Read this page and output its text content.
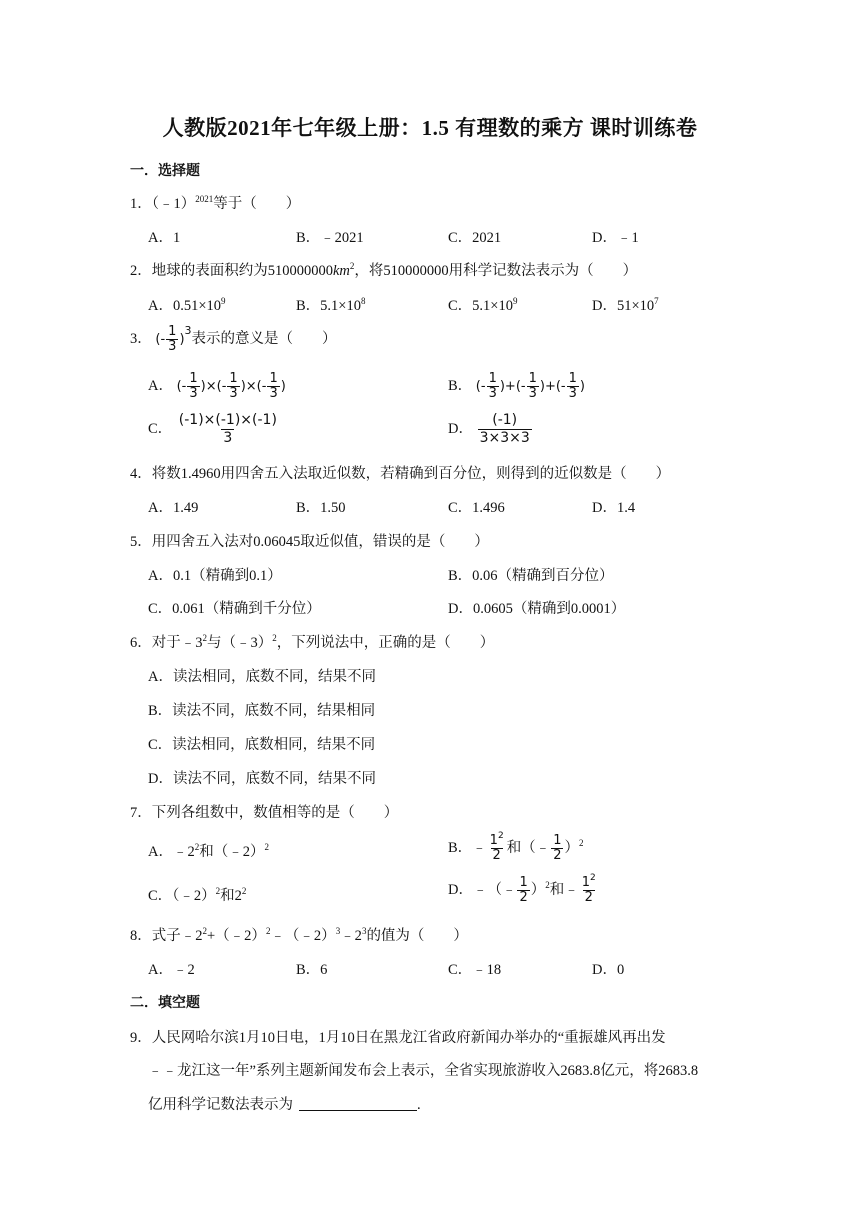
人教版2021年七年级上册：1.5 有理数的乘方 课时训练卷
一．选择题
1．（﹣1）$^{2021}$等于（　　）
A．1	B．﹣2021	C．2021	D．﹣1
2．地球的表面积约为$510000000km^2$，将510000000用科学记数法表示为（　　）
A．$0.51\times 10^9$	B．$5.1\times 10^8$	C．$5.1\times 10^9$	D．$51\times 10^7$
3． (- $\frac{1}{3} )^3$表示的意义是（　　）
A． (- $\frac{1}{3}$ )×(- $\frac{1}{3}$ )×(- $\frac{1}{3}$ )	B． (- $\frac{1}{3}$ )+(- $\frac{1}{3}$ )+(- $\frac{1}{3}$ )
C． $\frac{(-1)\times(-1)\times(-1)}{3}$	D． $\frac{(-1)}{3\times 3\times 3}$
4．将数1.4960用四舍五入法取近似数，若精确到百分位，则得到的近似数是（　　）
A．1.49	B．1.50	C．1.496	D．1.4
5．用四舍五入法对0.06045取近似值，错误的是（　　）
A．0.1（精确到0.1）	B．0.06（精确到百分位）
C．0.061（精确到千分位）	D．0.0605（精确到0.0001）
6．对于$﹣3^2$与（﹣3）$^2$，下列说法中，正确的是（　　）
A．读法相同，底数不同，结果不同
B．读法不同，底数不同，结果相同
C．读法相同，底数相同，结果不同
D．读法不同，底数不同，结果不同
7．下列各组数中，数值相等的是（　　）
A．$﹣2^2$和（﹣2）$^2$	B．﹣ $\frac{1^2}{2}$ 和（﹣ $\frac{1}{2} )^2$
C．（﹣2）$^2$和$2^2$	D．﹣（﹣ $\frac{1}{2} )^2$和﹣ $\frac{1^2}{2}$
8．式子$﹣2^2+(﹣2)^2﹣(﹣2)^3﹣2^3$的值为（　　）
A．﹣2	B．6	C．﹣18	D．0
二．填空题
9．人民网哈尔滨1月10日电，1月10日在黑龙江省政府新闻办举办的“重振雄风再出发
﹣﹣龙江这一年”系列主题新闻发布会上表示，全省实现旅游收入2683.8亿元，将2683.8
亿用科学记数法表示为	.
